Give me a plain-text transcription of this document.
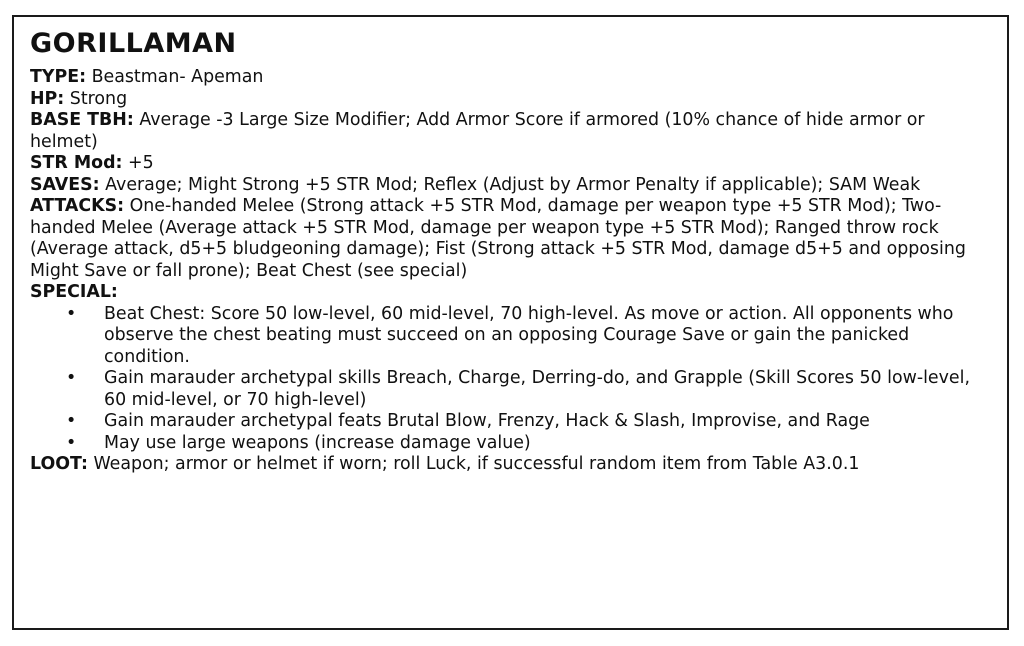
GORILLAMAN

TYPE: Beastman- Apeman

HP: Strong

BASE TBH: Average -3 Large Size Modifier; Add Armor Score if armored (10% chance of hide armor or helmet)

STR Mod: +5

SAVES: Average; Might Strong +5 STR Mod; Reflex (Adjust by Armor Penalty if applicable); SAM Weak

ATTACKS: One-handed Melee (Strong attack +5 STR Mod, damage per weapon type +5 STR Mod); Two-handed Melee (Average attack +5 STR Mod, damage per weapon type +5 STR Mod); Ranged throw rock (Average attack, d5+5 bludgeoning damage); Fist (Strong attack +5 STR Mod, damage d5+5 and opposing Might Save or fall prone); Beat Chest (see special)

SPECIAL:
• Beat Chest: Score 50 low-level, 60 mid-level, 70 high-level. As move or action. All opponents who observe the chest beating must succeed on an opposing Courage Save or gain the panicked condition.
• Gain marauder archetypal skills Breach, Charge, Derring-do, and Grapple (Skill Scores 50 low-level, 60 mid-level, or 70 high-level)
• Gain marauder archetypal feats Brutal Blow, Frenzy, Hack & Slash, Improvise, and Rage
• May use large weapons (increase damage value)

LOOT: Weapon; armor or helmet if worn; roll Luck, if successful random item from Table A3.0.1
